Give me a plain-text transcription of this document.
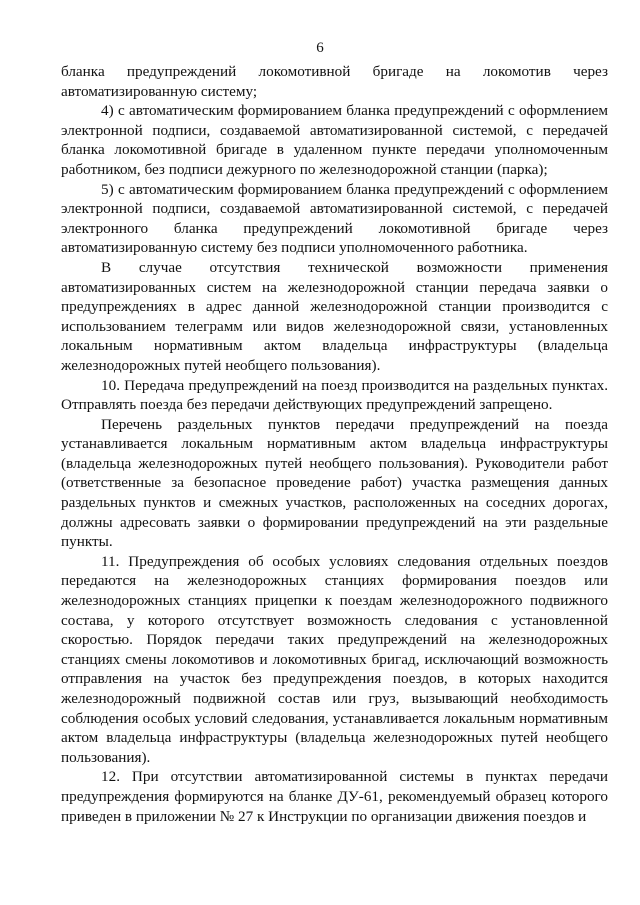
6

бланка предупреждений локомотивной бригаде на локомотив через автоматизированную систему;

4) с автоматическим формированием бланка предупреждений с оформлением электронной подписи, создаваемой автоматизированной системой, с передачей бланка локомотивной бригаде в удаленном пункте передачи уполномоченным работником, без подписи дежурного по железнодорожной станции (парка);

5) с автоматическим формированием бланка предупреждений с оформлением электронной подписи, создаваемой автоматизированной системой, с передачей электронного бланка предупреждений локомотивной бригаде через автоматизированную систему без подписи уполномоченного работника.

В случае отсутствия технической возможности применения автоматизированных систем на железнодорожной станции передача заявки о предупреждениях в адрес данной железнодорожной станции производится с использованием телеграмм или видов железнодорожной связи, установленных локальным нормативным актом владельца инфраструктуры (владельца железнодорожных путей необщего пользования).

10. Передача предупреждений на поезд производится на раздельных пунктах. Отправлять поезда без передачи действующих предупреждений запрещено.

Перечень раздельных пунктов передачи предупреждений на поезда устанавливается локальным нормативным актом владельца инфраструктуры (владельца железнодорожных путей необщего пользования). Руководители работ (ответственные за безопасное проведение работ) участка размещения данных раздельных пунктов и смежных участков, расположенных на соседних дорогах, должны адресовать заявки о формировании предупреждений на эти раздельные пункты.

11. Предупреждения об особых условиях следования отдельных поездов передаются на железнодорожных станциях формирования поездов или железнодорожных станциях прицепки к поездам железнодорожного подвижного состава, у которого отсутствует возможность следования с установленной скоростью. Порядок передачи таких предупреждений на железнодорожных станциях смены локомотивов и локомотивных бригад, исключающий возможность отправления на участок без предупреждения поездов, в которых находится железнодорожный подвижной состав или груз, вызывающий необходимость соблюдения особых условий следования, устанавливается локальным нормативным актом владельца инфраструктуры (владельца железнодорожных путей необщего пользования).

12. При отсутствии автоматизированной системы в пунктах передачи предупреждения формируются на бланке ДУ-61, рекомендуемый образец которого приведен в приложении № 27 к Инструкции по организации движения поездов и
